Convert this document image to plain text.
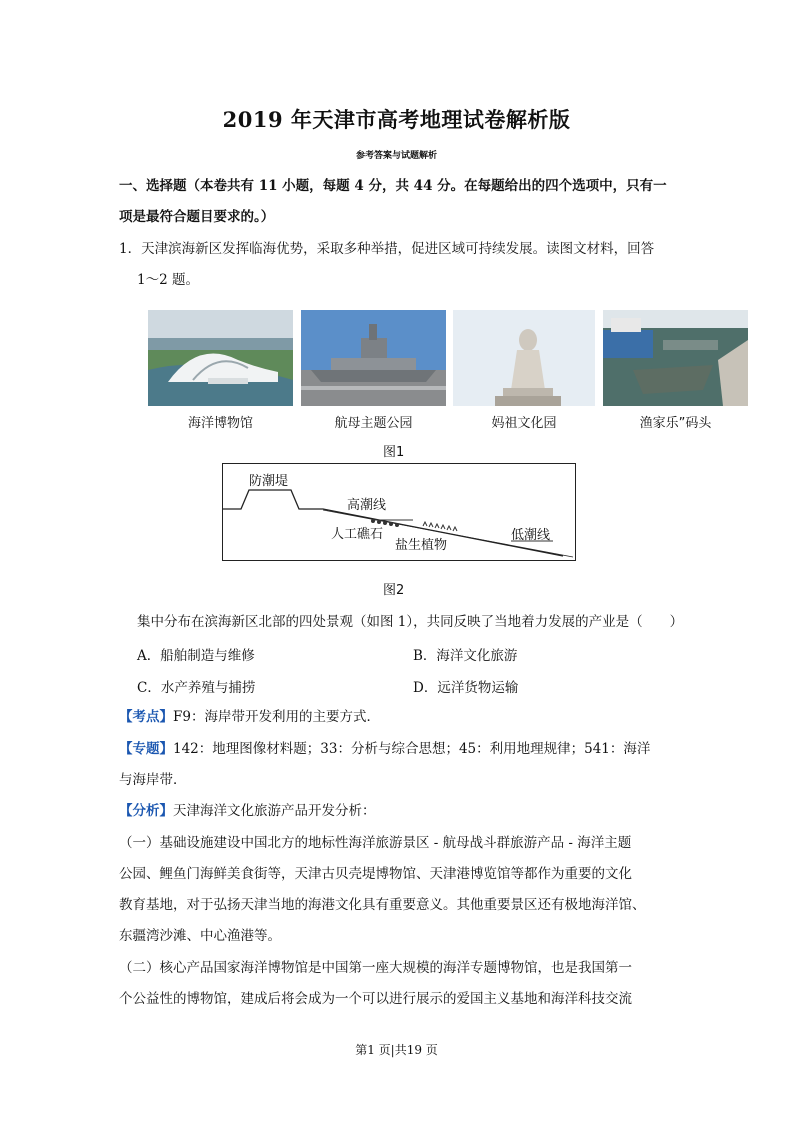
2019 年天津市高考地理试卷解析版
参考答案与试题解析
一、选择题（本卷共有 11 小题，每题 4 分，共 44 分。在每题给出的四个选项中，只有一
项是最符合题目要求的。）
1．天津滨海新区发挥临海优势，采取多种举措，促进区域可持续发展。读图文材料，回答
1～2 题。
海洋博物馆	航母主题公园	妈祖文化园	渔家乐”码头
图1
防潮堤
高潮线
人工礁石
盐生植物
低潮线
图2
集中分布在滨海新区北部的四处景观（如图 1），共同反映了当地着力发展的产业是（　　）
A．船舶制造与维修	B．海洋文化旅游
C．水产养殖与捕捞	D．远洋货物运输
【考点】F9：海岸带开发利用的主要方式．
【专题】142：地理图像材料题；33：分析与综合思想；45：利用地理规律；541：海洋
与海岸带．
【分析】天津海洋文化旅游产品开发分析：
（一）基础设施建设中国北方的地标性海洋旅游景区 - 航母战斗群旅游产品 - 海洋主题
公园、鲤鱼门海鲜美食街等，天津古贝壳堤博物馆、天津港博览馆等都作为重要的文化
教育基地，对于弘扬天津当地的海港文化具有重要意义。其他重要景区还有极地海洋馆、
东疆湾沙滩、中心渔港等。
（二）核心产品国家海洋博物馆是中国第一座大规模的海洋专题博物馆，也是我国第一
个公益性的博物馆，建成后将会成为一个可以进行展示的爱国主义基地和海洋科技交流
第1 页|共19 页
